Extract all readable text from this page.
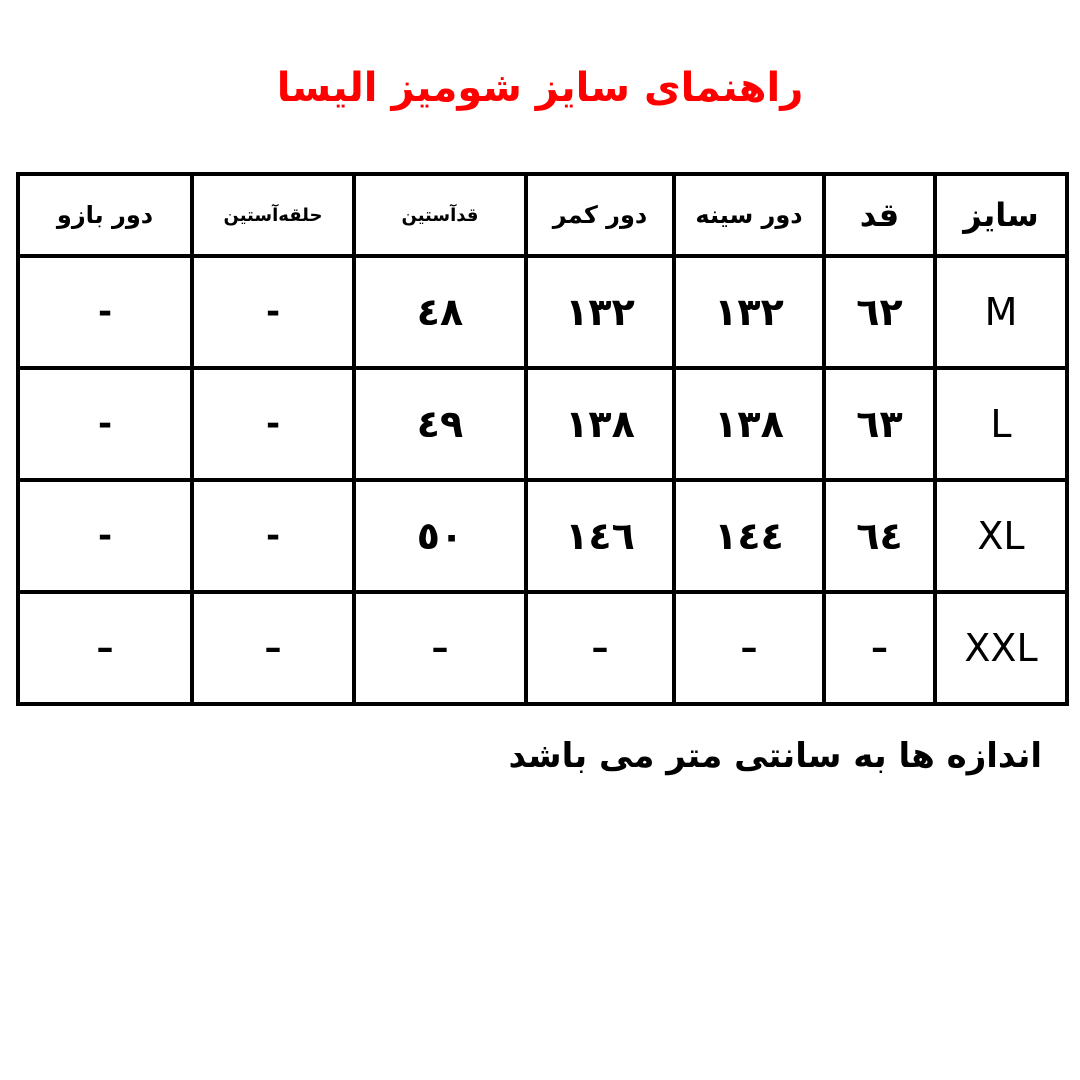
راهنمای سایز شومیز الیسا
سایز	قد	دور سینه	دور کمر	قدآستین	حلقه‌آستین	دور بازو
M	٦٢	١٣٢	١٣٢	٤٨	-	-
L	٦٣	١٣٨	١٣٨	٤٩	-	-
XL	٦٤	١٤٤	١٤٦	٥٠	-	-
XXL	–	–	–	–	–	–
اندازه ها به سانتی متر می باشد
